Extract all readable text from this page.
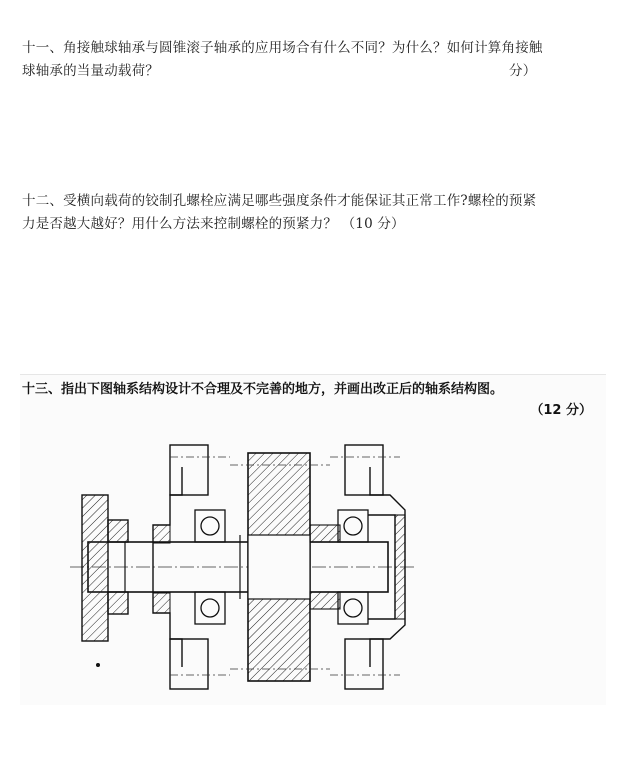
十一、角接触球轴承与圆锥滚子轴承的应用场合有什么不同？为什么？如何计算角接触
球轴承的当量动载荷？	分）
十二、受横向载荷的铰制孔螺栓应满足哪些强度条件才能保证其正常工作?螺栓的预紧
力是否越大越好？用什么方法来控制螺栓的预紧力？ （10 分）
十三、指出下图轴系结构设计不合理及不完善的地方，并画出改正后的轴系结构图。
（12 分）
